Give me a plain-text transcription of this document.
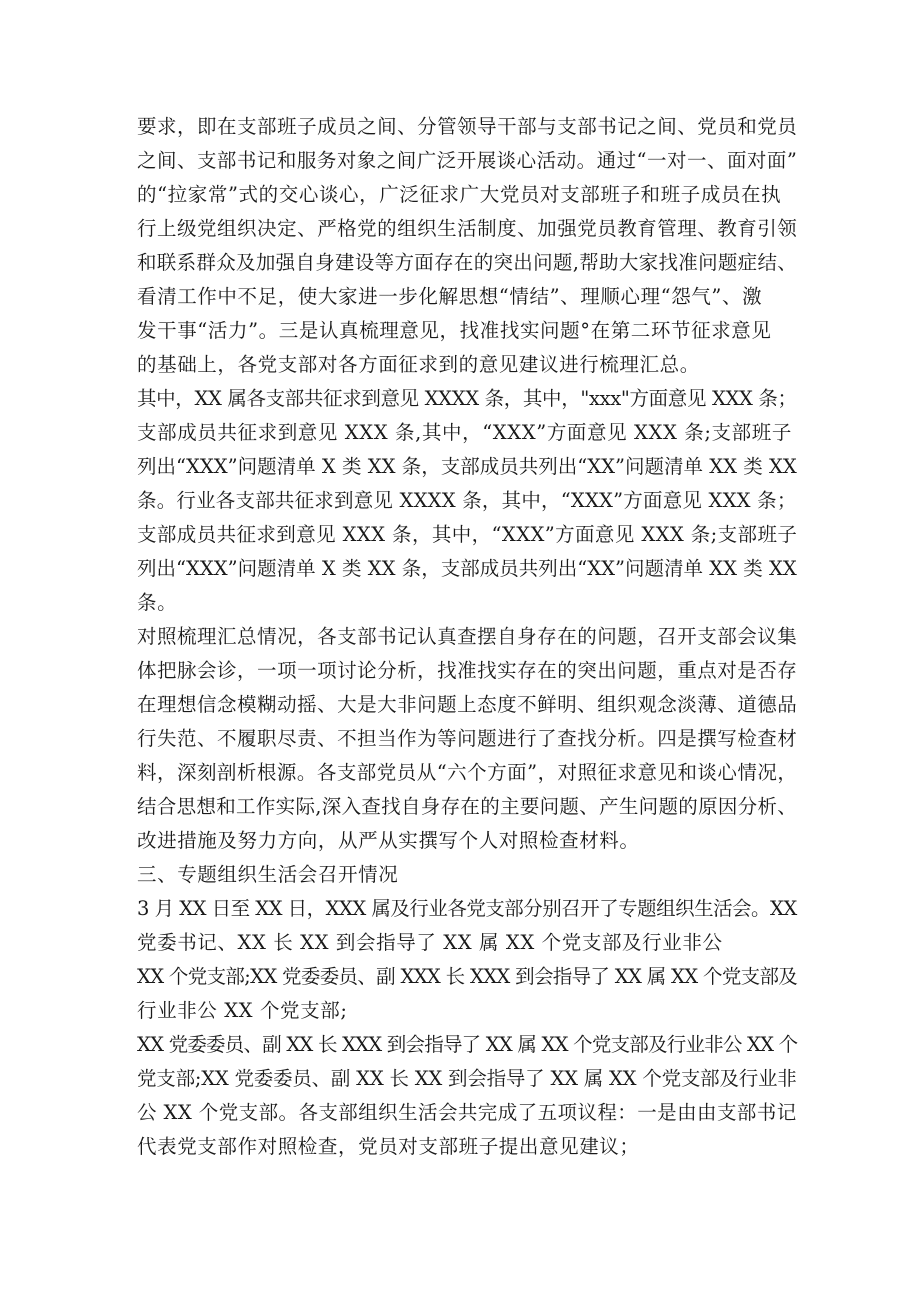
要求，即在支部班子成员之间、分管领导干部与支部书记之间、党员和党员
之间、支部书记和服务对象之间广泛开展谈心活动。通过“一对一、面对面”
的“拉家常”式的交心谈心，广泛征求广大党员对支部班子和班子成员在执
行上级党组织决定、严格党的组织生活制度、加强党员教育管理、教育引领
和联系群众及加强自身建设等方面存在的突出问题,帮助大家找准问题症结、
看清工作中不足，使大家进一步化解思想“情结”、理顺心理“怨气”、激
发干事“活力”。三是认真梳理意见，找准找实问题°在第二环节征求意见
的基础上，各党支部对各方面征求到的意见建议进行梳理汇总。
其中，XX 属各支部共征求到意见 XXXX 条，其中，"xxx"方面意见 XXX 条；
支部成员共征求到意见 XXX 条,其中，“XXX”方面意见 XXX 条;支部班子
列出“XXX”问题清单 X 类 XX 条，支部成员共列出“XX”问题清单 XX 类 XX
条。行业各支部共征求到意见 XXXX 条，其中，“XXX”方面意见 XXX 条；
支部成员共征求到意见 XXX 条，其中，“XXX”方面意见 XXX 条;支部班子
列出“XXX”问题清单 X 类 XX 条，支部成员共列出“XX”问题清单 XX 类 XX
条。
对照梳理汇总情况，各支部书记认真查摆自身存在的问题，召开支部会议集
体把脉会诊，一项一项讨论分析，找准找实存在的突出问题，重点对是否存
在理想信念模糊动摇、大是大非问题上态度不鲜明、组织观念淡薄、道德品
行失范、不履职尽责、不担当作为等问题进行了查找分析。四是撰写检查材
料，深刻剖析根源。各支部党员从“六个方面”，对照征求意见和谈心情况，
结合思想和工作实际,深入查找自身存在的主要问题、产生问题的原因分析、
改进措施及努力方向，从严从实撰写个人对照检查材料。
三、专题组织生活会召开情况
3 月 XX 日至 XX 日，XXX 属及行业各党支部分别召开了专题组织生活会。XX
党委书记、XX 长 XX 到会指导了 XX 属 XX 个党支部及行业非公
XX 个党支部;XX 党委委员、副 XXX 长 XXX 到会指导了 XX 属 XX 个党支部及
行业非公 XX 个党支部;
XX 党委委员、副 XX 长 XXX 到会指导了 XX 属 XX 个党支部及行业非公 XX 个
党支部;XX 党委委员、副 XX 长 XX 到会指导了 XX 属 XX 个党支部及行业非
公 XX 个党支部。各支部组织生活会共完成了五项议程：一是由由支部书记
代表党支部作对照检查，党员对支部班子提出意见建议；
